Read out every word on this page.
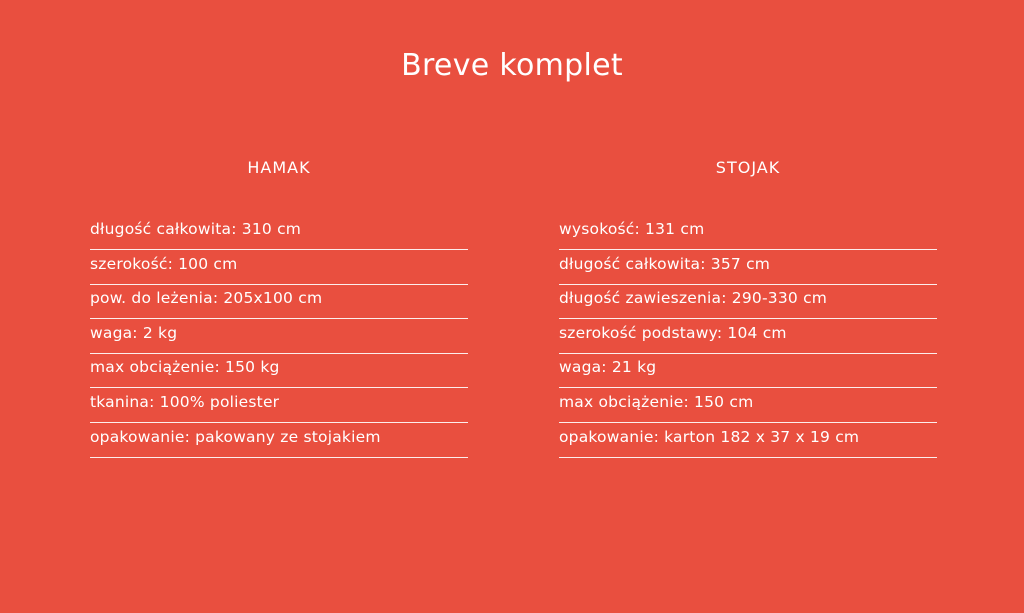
Breve komplet
HAMAK
długość całkowita: 310 cm
szerokość: 100 cm
pow. do leżenia: 205x100 cm
waga: 2 kg
max obciążenie: 150 kg
tkanina: 100% poliester
opakowanie: pakowany ze stojakiem
STOJAK
wysokość: 131 cm
długość całkowita: 357 cm
długość zawieszenia: 290-330 cm
szerokość podstawy: 104 cm
waga: 21 kg
max obciążenie: 150 cm
opakowanie: karton 182 x 37 x 19 cm
